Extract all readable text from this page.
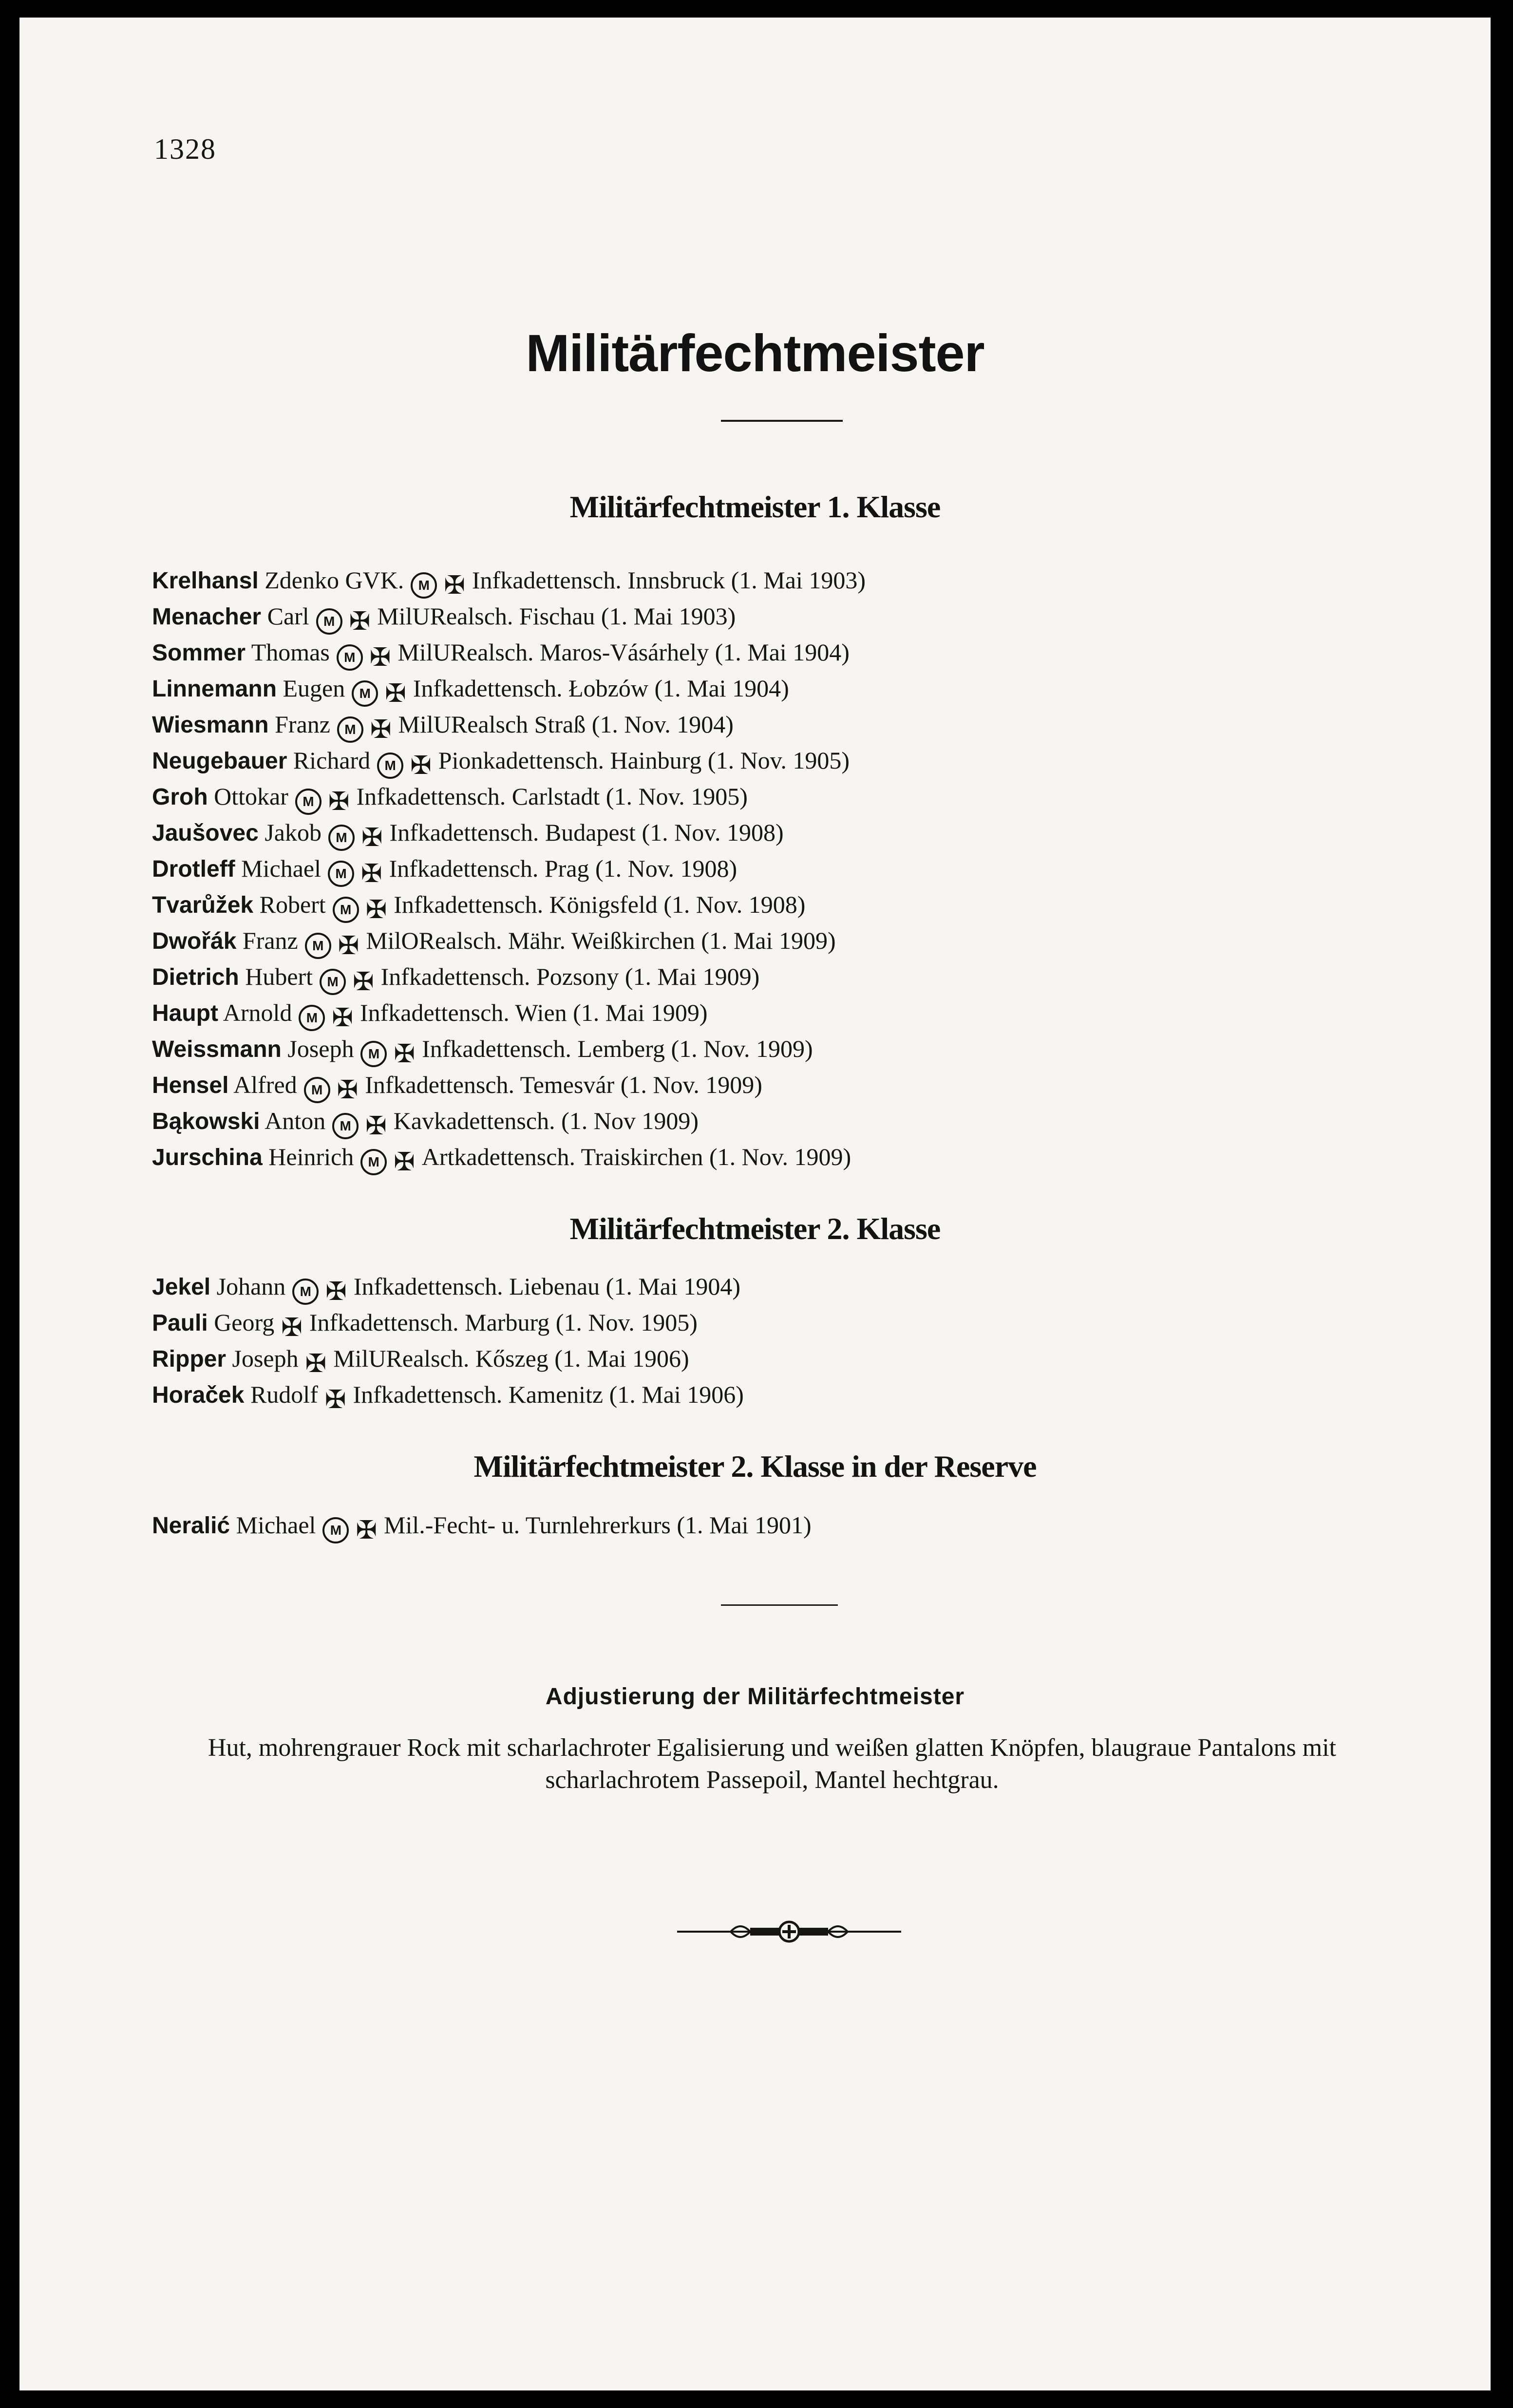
1328
Militärfechtmeister
Militärfechtmeister 1. Klasse
Krelhansl Zdenko GVK. M ✠ Infkadettensch. Innsbruck (1. Mai 1903)
Menacher Carl M ✠ MilURealsch. Fischau (1. Mai 1903)
Sommer Thomas M ✠ MilURealsch. Maros-Vásárhely (1. Mai 1904)
Linnemann Eugen M ✠ Infkadettensch. Łobzów (1. Mai 1904)
Wiesmann Franz M ✠ MilURealsch Straß (1. Nov. 1904)
Neugebauer Richard M ✠ Pionkadettensch. Hainburg (1. Nov. 1905)
Groh Ottokar M ✠ Infkadettensch. Carlstadt (1. Nov. 1905)
Jaušovec Jakob M ✠ Infkadettensch. Budapest (1. Nov. 1908)
Drotleff Michael M ✠ Infkadettensch. Prag (1. Nov. 1908)
Tvarůžek Robert M ✠ Infkadettensch. Königsfeld (1. Nov. 1908)
Dwořák Franz M ✠ MilORealsch. Mähr. Weißkirchen (1. Mai 1909)
Dietrich Hubert M ✠ Infkadettensch. Pozsony (1. Mai 1909)
Haupt Arnold M ✠ Infkadettensch. Wien (1. Mai 1909)
Weissmann Joseph M ✠ Infkadettensch. Lemberg (1. Nov. 1909)
Hensel Alfred M ✠ Infkadettensch. Temesvár (1. Nov. 1909)
Bąkowski Anton M ✠ Kavkadettensch. (1. Nov 1909)
Jurschina Heinrich M ✠ Artkadettensch. Traiskirchen (1. Nov. 1909)
Militärfechtmeister 2. Klasse
Jekel Johann M ✠ Infkadettensch. Liebenau (1. Mai 1904)
Pauli Georg ✠ Infkadettensch. Marburg (1. Nov. 1905)
Ripper Joseph ✠ MilURealsch. Kőszeg (1. Mai 1906)
Horaček Rudolf ✠ Infkadettensch. Kamenitz (1. Mai 1906)
Militärfechtmeister 2. Klasse in der Reserve
Neralić Michael M ✠ Mil.-Fecht- u. Turnlehrerkurs (1. Mai 1901)
Adjustierung der Militärfechtmeister
Hut, mohrengrauer Rock mit scharlachroter Egalisierung und weißen glatten Knöpfen, blaugraue Pantalons mit scharlachrotem Passepoil, Mantel hechtgrau.
